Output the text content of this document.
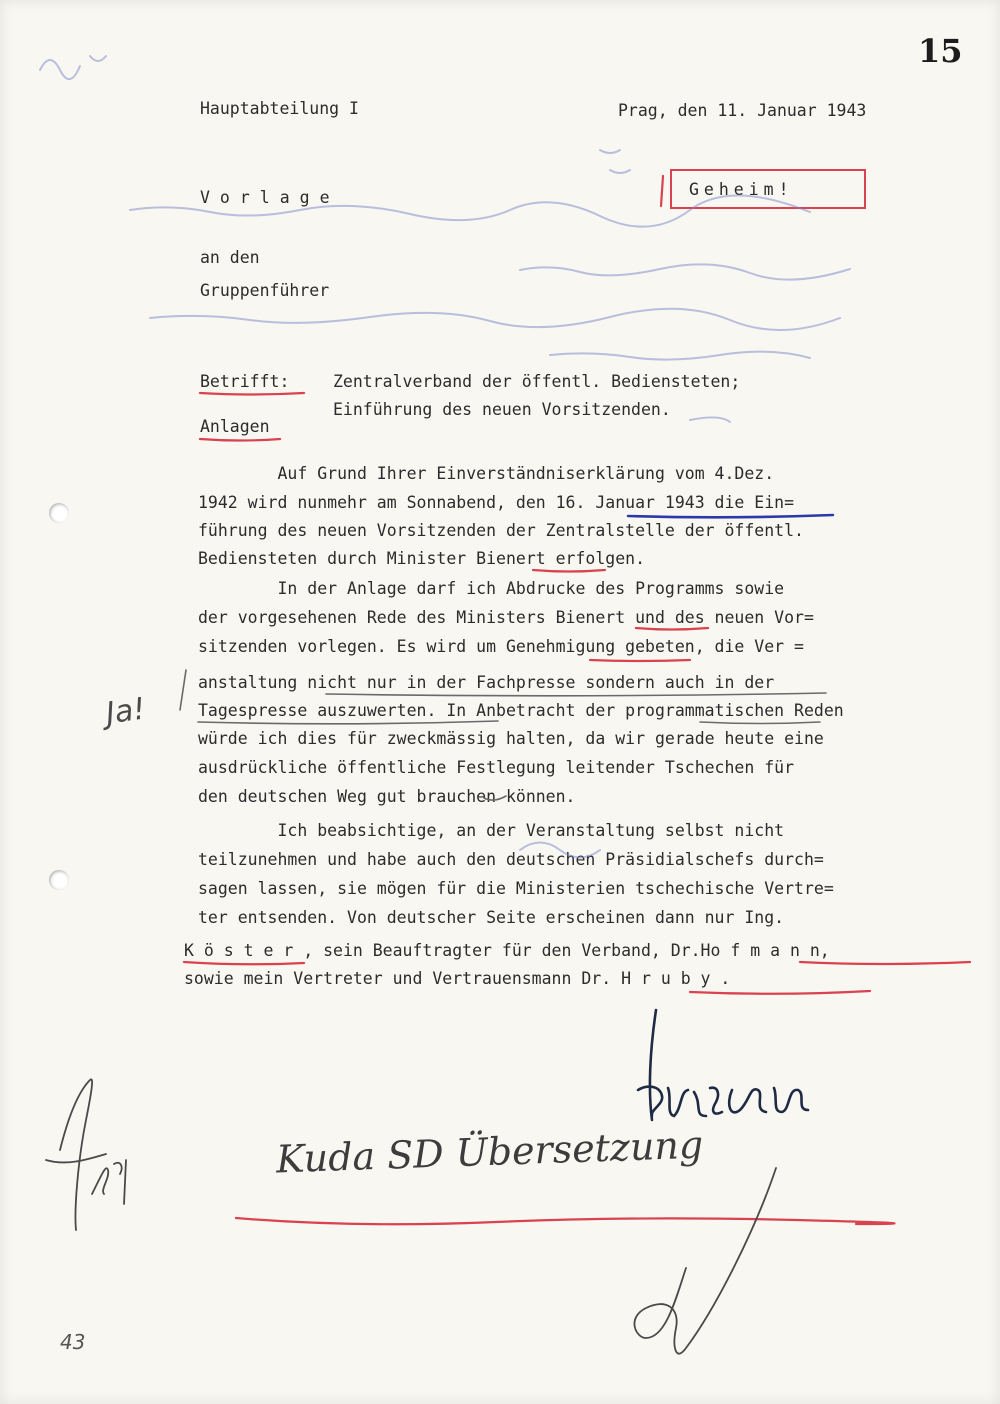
15
Hauptabteilung I	Prag, den 11. Januar 1943
Geheim!
Vorlage
an den
Gruppenführer
Betrifft:	Zentralverband der öffentl. Bediensteten;
Einführung des neuen Vorsitzenden.
Anlagen
Auf Grund Ihrer Einverständniserklärung vom 4.Dez.
1942 wird nunmehr am Sonnabend, den 16. Januar 1943 die Ein=
führung des neuen Vorsitzenden der Zentralstelle der öffentl.
Bediensteten durch Minister Bienert erfolgen.
In der Anlage darf ich Abdrucke des Programms sowie
der vorgesehenen Rede des Ministers Bienert und des neuen Vor=
sitzenden vorlegen. Es wird um Genehmigung gebeten, die Ver =
anstaltung nicht nur in der Fachpresse sondern auch in der
Tagespresse auszuwerten. In Anbetracht der programmatischen Reden
würde ich dies für zweckmässig halten, da wir gerade heute eine
ausdrückliche öffentliche Festlegung leitender Tschechen für
den deutschen Weg gut brauchen können.
Ich beabsichtige, an der Veranstaltung selbst nicht
teilzunehmen und habe auch den deutschen Präsidialschefs durch=
sagen lassen, sie mögen für die Ministerien tschechische Vertre=
ter entsenden. Von deutscher Seite erscheinen dann nur Ing.
K ö s t e r , sein Beauftragter für den Verband, Dr.Ho f m a n n,
sowie mein Vertreter und Vertrauensmann Dr. H r u b y .
Ja!
Kuda SD Übersetzung
43
